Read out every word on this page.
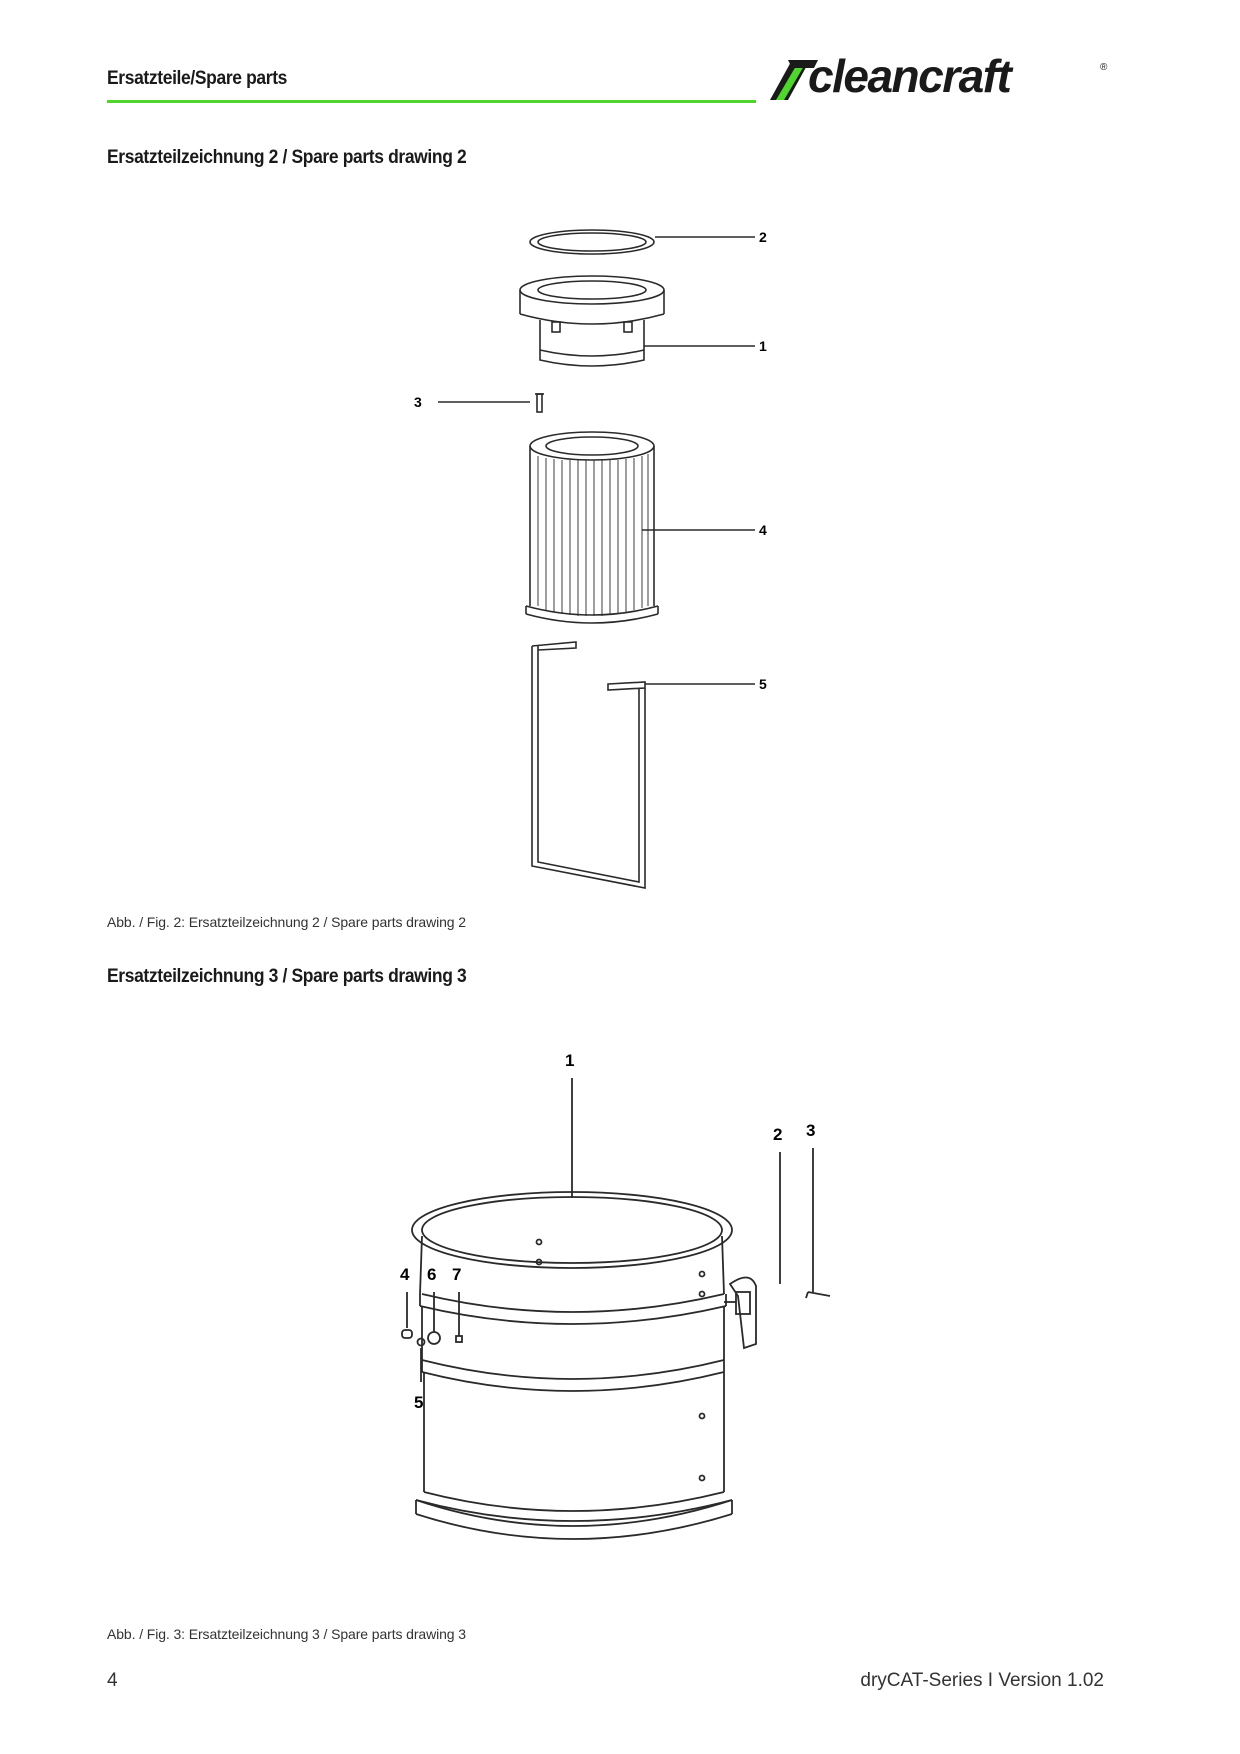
Ersatzteile/Spare parts	cleancraft	®
Ersatzteilzeichnung 2 / Spare parts drawing 2
2
1
3
4
5
Abb. / Fig. 2: Ersatzteilzeichnung 2 / Spare parts drawing 2
Ersatzteilzeichnung 3 / Spare parts drawing 3
1
2 3
4 6 7
5
Abb. / Fig. 3: Ersatzteilzeichnung 3 / Spare parts drawing 3
4	dryCAT-Series I Version 1.02
